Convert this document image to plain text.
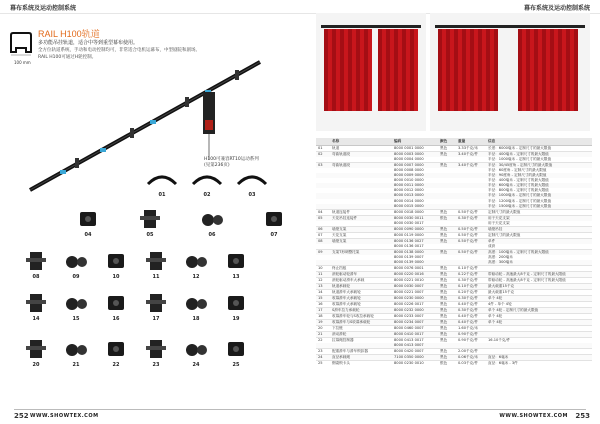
幕布系统及运动控制系统	幕布系统及运动控制系统
100 mm
RAIL H100轨道
多功能吊挂轨道，适合中等到重型幕布使用。
全方位轨道系统，手动和电动控制均可，非常适合电机运幕布，中型剧院和剧场。
RAIL H100可通过H轮控制。
H100可兼容RT10运动系列
(见第236页)
01	02	03
04	05	06	07
08	09	10	11	12	13
14	15	16	17	18	19
20	21	22	23	24	25
	名称	编码	颜色	重量	信息
01	轨道	8000 0001 0000	黑色	3.33千克/米	长度：6000毫米 - 定制尺寸的最大限值
02	弯曲轨道段	8000 0003 0000	黑色	3.40千克/件	半径：400毫米 - 定制尺寸的最大限值
		8000 0004 0000			半径：1000毫米 - 定制尺寸的最大限值
03	弯曲轨道段	8000 0007 0000	黑色	3.40千克/件	半径：30/45度角 - 定制尺寸的最大限值
		8000 0008 0000			半径：60度角 - 定制尺寸的最大限值
		8000 0009 0000			半径：90度角 - 定制尺寸的最大限值
		8000 0010 0000			半径：400毫米 - 定制尺寸的最大限值
		8000 0011 0000			半径：600毫米 - 定制尺寸的最大限值
		8000 0012 0000			半径：800毫米 - 定制尺寸的最大限值
		8000 0013 0000			半径：1000毫米 - 定制尺寸的最大限值
		8000 0014 0000			半径：1200毫米 - 定制尺寸的最大限值
		8000 0015 0000			半径：1500毫米 - 定制尺寸的最大限值
04	轨道连接件	8000 0018 0000	黑色	0.50千克/件	定制尺寸的最大限值
05	天花吊挂连接件	8000 0030 0011	银色	0.30千克/件	用于天花支架
		8000 0030 0017			用于天花支架
06	墙壁支架	8000 0090 0000	黑色	0.50千克/件	墙壁吊挂
07	天花支架	8000 0119 0000	黑色	0.50千克/件	定制尺寸的最大限值
08	墙壁支架	8000 0136 0027	黑色	0.50千克/件	单件
		8000 0136 0017			成套
09	支架T形调整托架	8000 0138 0000	黑色	0.50千克/件	高度：100毫米 - 定制尺寸的最大限值
		8000 0139 0007			高度：200毫米
		8000 0139 0000			高度：300毫米
10	终止挡板	8000 0076 0001	黑色	0.10千克/件	
11	滚轮驱动轮滑车	8000 0220 0016	黑色	0.22千克/件	带驱动轮 - 高速最大8千克 - 定制尺寸的最大限值
12	滚轮驱动滑车大承载	8000 0221 0010	黑色	0.30千克/件	带驱动轮 - 高速最大8千克 - 定制尺寸的最大限值
13	轨道承载轮	8000 0030 0007	黑色	0.10千克/件	最大载重15千克
14	轨道滑车大承载轮	8000 0221 0007	黑色	0.20千克/件	最大载重15千克
15	收幕滑车大承载轮	8000 0230 0000	黑色	0.30千克/件	单个 4轮
16	收幕滑车大承载轮	8000 0226 0017	黑色	0.40千克/件	4件 - 单个 4轮
17	S滑车拉力承载轮	8000 0232 0000	黑色	0.30千克/件	单个 4轮 - 定制尺寸的最大限值
18	收幕滑车轮与S收拉承载轮	8000 0233 0007	黑色	0.40千克/件	单个 4轮
19	收幕滑车与S收幕承载轮	8000 0234 0007	黑色	0.40千克/件	单个 4轮
20	下拉链	8000 0460 0007	黑色	1.60千克/米	
21	滚动滑轮	8000 0410 0017	黑色	0.90千克/件	
22	拉幕绳控制器	8000 0413 0017	黑色	0.90千克/件	16.10千克/件
		8000 0413 0007			
23	配重滑车与滑车锁扣器	8000 0420 0007	黑色	2.00千克/件	
24	直径承载绳	7100 0350 0000	黑色	0.06千克/米	直径：6毫米
25	钢索锁卡头	8000 0230 0010	银色	0.03千克/件	直径：6毫米 - 3件
252 WWW.SHOWTEX.COM	WWW.SHOWTEX.COM 253
